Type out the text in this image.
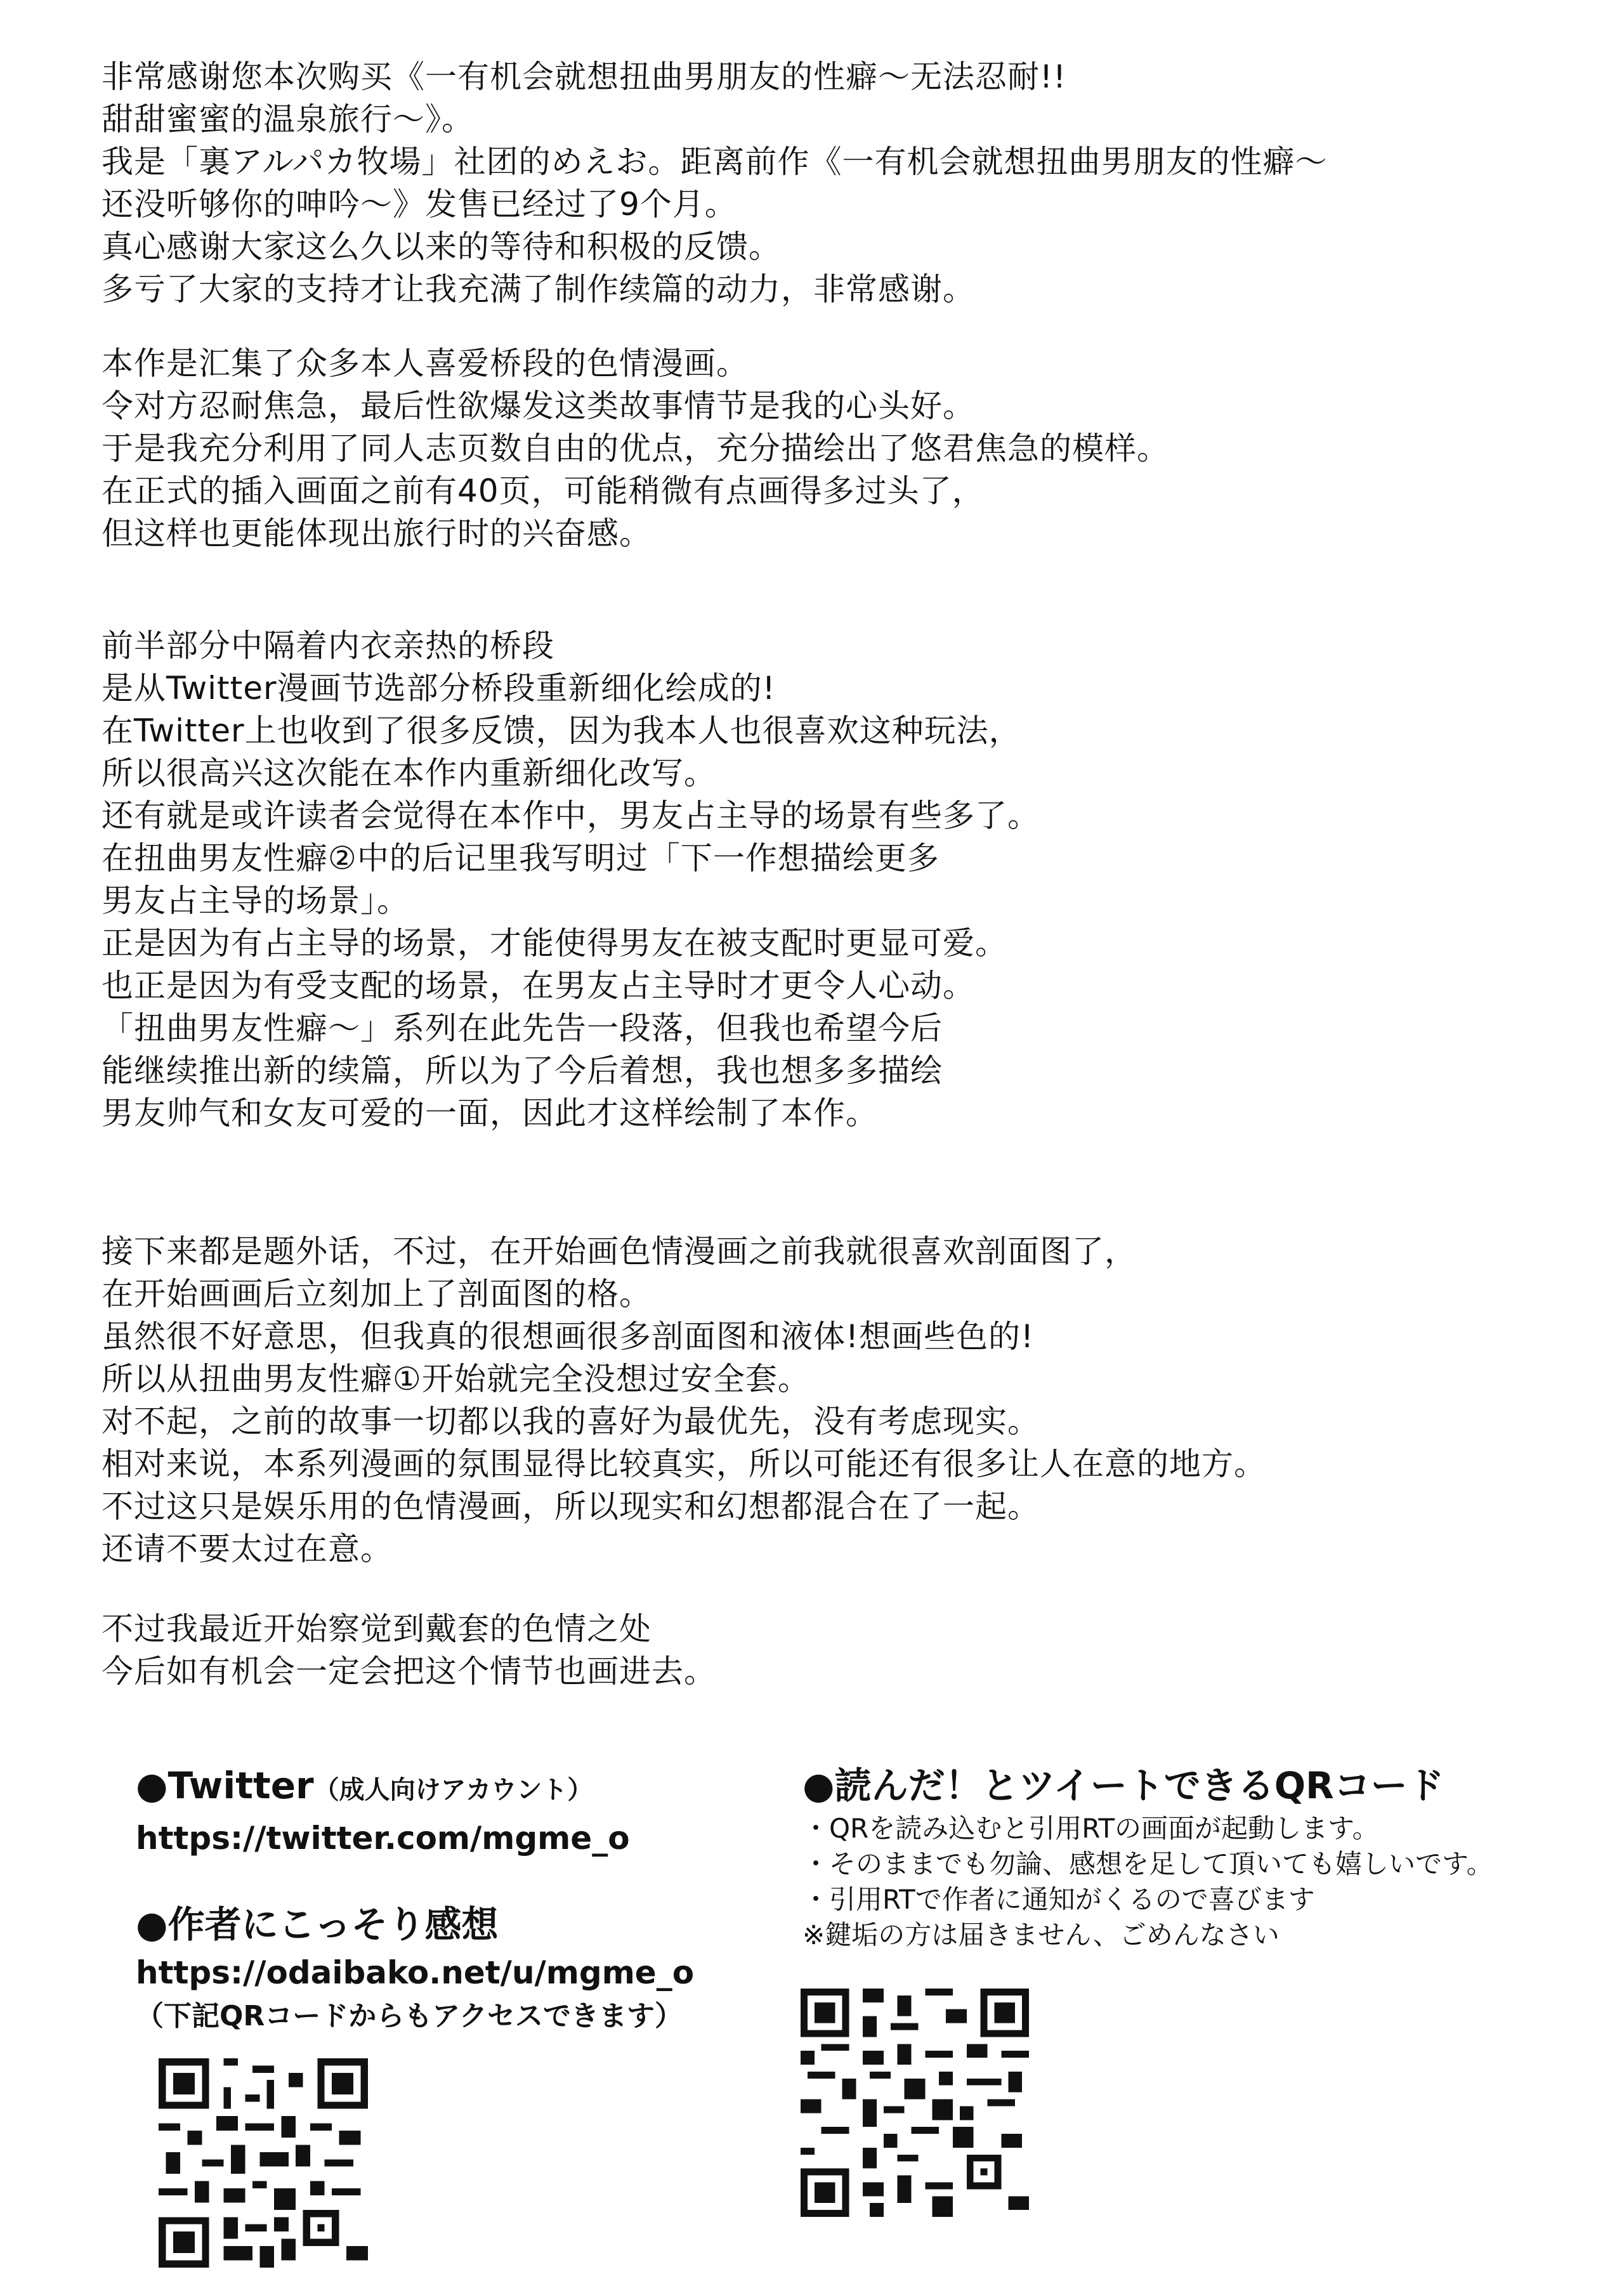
非常感谢您本次购买《一有机会就想扭曲男朋友的性癖～无法忍耐!!
甜甜蜜蜜的温泉旅行～》。
我是「裏アルパカ牧場」社团的めえお。距离前作《一有机会就想扭曲男朋友的性癖～
还没听够你的呻吟～》发售已经过了9个月。
真心感谢大家这么久以来的等待和积极的反馈。
多亏了大家的支持才让我充满了制作续篇的动力，非常感谢。
本作是汇集了众多本人喜爱桥段的色情漫画。
令对方忍耐焦急，最后性欲爆发这类故事情节是我的心头好。
于是我充分利用了同人志页数自由的优点，充分描绘出了悠君焦急的模样。
在正式的插入画面之前有40页，可能稍微有点画得多过头了，
但这样也更能体现出旅行时的兴奋感。
前半部分中隔着内衣亲热的桥段
是从Twitter漫画节选部分桥段重新细化绘成的!
在Twitter上也收到了很多反馈，因为我本人也很喜欢这种玩法，
所以很高兴这次能在本作内重新细化改写。
还有就是或许读者会觉得在本作中，男友占主导的场景有些多了。
在扭曲男友性癖②中的后记里我写明过「下一作想描绘更多
男友占主导的场景」。
正是因为有占主导的场景，才能使得男友在被支配时更显可爱。
也正是因为有受支配的场景，在男友占主导时才更令人心动。
「扭曲男友性癖～」系列在此先告一段落，但我也希望今后
能继续推出新的续篇，所以为了今后着想，我也想多多描绘
男友帅气和女友可爱的一面，因此才这样绘制了本作。
接下来都是题外话，不过，在开始画色情漫画之前我就很喜欢剖面图了，
在开始画画后立刻加上了剖面图的格。
虽然很不好意思，但我真的很想画很多剖面图和液体!想画些色的!
所以从扭曲男友性癖①开始就完全没想过安全套。
对不起，之前的故事一切都以我的喜好为最优先，没有考虑现实。
相对来说，本系列漫画的氛围显得比较真实，所以可能还有很多让人在意的地方。
不过这只是娱乐用的色情漫画，所以现实和幻想都混合在了一起。
还请不要太过在意。
不过我最近开始察觉到戴套的色情之处
今后如有机会一定会把这个情节也画进去。
●Twitter（成人向けアカウント）
https://twitter.com/mgme_o
●作者にこっそり感想
https://odaibako.net/u/mgme_o
（下記QRコードからもアクセスできます）
●読んだ！とツイートできるQRコード
・QRを読み込むと引用RTの画面が起動します。
・そのままでも勿論、感想を足して頂いても嬉しいです。
・引用RTで作者に通知がくるので喜びます
※鍵垢の方は届きません、ごめんなさい
